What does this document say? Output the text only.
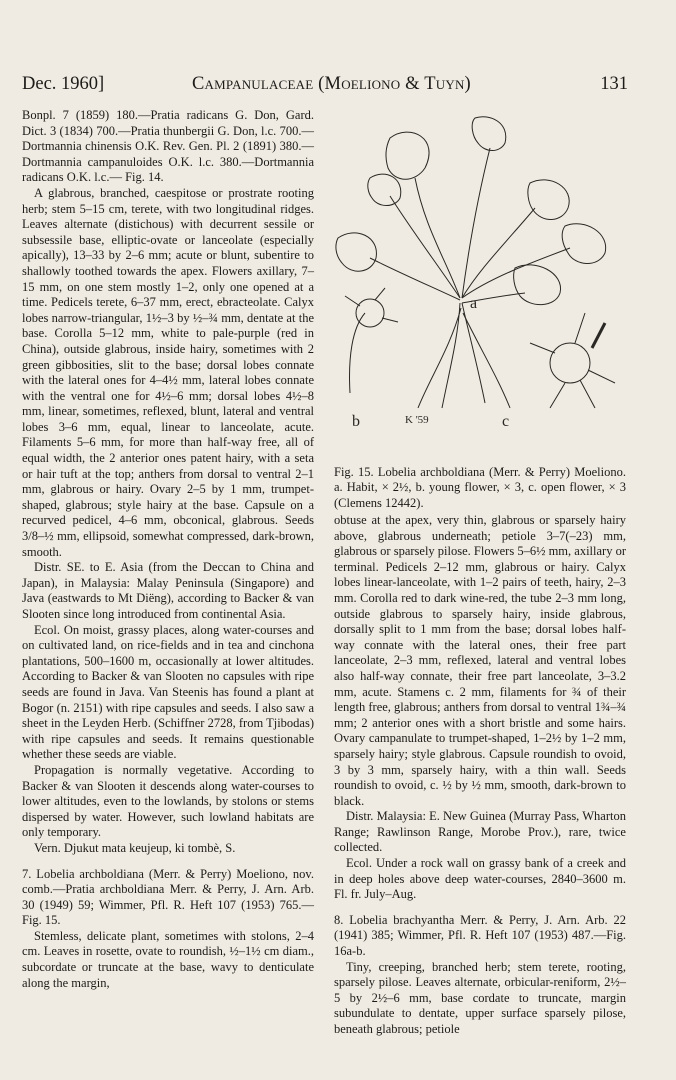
Dec. 1960]	Campanulaceae (Moeliono & Tuyn)	131

Bonpl. 7 (1859) 180.—Pratia radicans G. Don, Gard. Dict. 3 (1834) 700.—Pratia thunbergii G. Don, l.c. 700.—Dortmannia chinensis O.K. Rev. Gen. Pl. 2 (1891) 380.—Dortmannia campanuloides O.K. l.c. 380.—Dortmannia radicans O.K. l.c.— Fig. 14.

A glabrous, branched, caespitose or prostrate rooting herb; stem 5–15 cm, terete, with two longitudinal ridges. Leaves alternate (distichous) with decurrent sessile or subsessile base, elliptic-ovate or lanceolate (especially apically), 13–33 by 2–6 mm; acute or blunt, subentire to shallowly toothed towards the apex. Flowers axillary, 7–15 mm, on one stem mostly 1–2, only one opened at a time. Pedicels terete, 6–37 mm, erect, ebracteolate. Calyx lobes narrow-triangular, 1½–3 by ½–¾ mm, dentate at the base. Corolla 5–12 mm, white to pale-purple (red in China), outside glabrous, inside hairy, sometimes with 2 green gibbosities, slit to the base; dorsal lobes connate with the lateral ones for 4–4½ mm, lateral lobes connate with the ventral one for 4½–6 mm; dorsal lobes 4½–8 mm, linear, sometimes, reflexed, blunt, lateral and ventral lobes 3–6 mm, equal, linear to lanceolate, acute. Filaments 5–6 mm, for more than half-way free, all of equal width, the 2 anterior ones patent hairy, with a seta or hair tuft at the top; anthers from dorsal to ventral 2–1 mm, glabrous or hairy. Ovary 2–5 by 1 mm, trumpet-shaped, glabrous; style hairy at the base. Capsule on a recurved pedicel, 4–6 mm, obconical, glabrous. Seeds 3/8–½ mm, ellipsoid, somewhat compressed, dark-brown, smooth.

Distr. SE. to E. Asia (from the Deccan to China and Japan), in Malaysia: Malay Peninsula (Singapore) and Java (eastwards to Mt Diëng), according to Backer & van Slooten since long introduced from continental Asia.

Ecol. On moist, grassy places, along water-courses and on cultivated land, on rice-fields and in tea and cinchona plantations, 500–1600 m, occasionally at lower altitudes. According to Backer & van Slooten no capsules with ripe seeds are found in Java. Van Steenis has found a plant at Bogor (n. 2151) with ripe capsules and seeds. I also saw a sheet in the Leyden Herb. (Schiffner 2728, from Tjibodas) with ripe capsules and seeds. It remains questionable whether these seeds are viable.

Propagation is normally vegetative. According to Backer & van Slooten it descends along water-courses to lower altitudes, even to the lowlands, by stolons or stems dispersed by water. However, such lowland habitats are only temporary.

Vern. Djukut mata keujeup, ki tombè, S.

7. Lobelia archboldiana (Merr. & Perry) Moeliono, nov. comb.—Pratia archboldiana Merr. & Perry, J. Arn. Arb. 30 (1949) 59; Wimmer, Pfl. R. Heft 107 (1953) 765.—Fig. 15.

Stemless, delicate plant, sometimes with stolons, 2–4 cm. Leaves in rosette, ovate to roundish, ½–1½ cm diam., subcordate or truncate at the base, wavy to denticulate along the margin,

a
b	c
K '59

Fig. 15. Lobelia archboldiana (Merr. & Perry) Moeliono. a. Habit, × 2½, b. young flower, × 3, c. open flower, × 3 (Clemens 12442).

obtuse at the apex, very thin, glabrous or sparsely hairy above, glabrous underneath; petiole 3–7(–23) mm, glabrous or sparsely pilose. Flowers 5–6½ mm, axillary or terminal. Pedicels 2–12 mm, glabrous or hairy. Calyx lobes linear-lanceolate, with 1–2 pairs of teeth, hairy, 2–3 mm. Corolla red to dark wine-red, the tube 2–3 mm long, outside glabrous to sparsely hairy, inside glabrous, dorsally split to 1 mm from the base; dorsal lobes half-way connate with the lateral ones, their free part lanceolate, 2–3 mm, reflexed, lateral and ventral lobes also half-way connate, their free part lanceolate, 3–3.2 mm, acute. Stamens c. 2 mm, filaments for ¾ of their length free, glabrous; anthers from dorsal to ventral 1¾–¾ mm; 2 anterior ones with a short bristle and some hairs. Ovary campanulate to trumpet-shaped, 1–2½ by 1–2 mm, sparsely hairy; style glabrous. Capsule roundish to ovoid, 3 by 3 mm, sparsely hairy, with a thin wall. Seeds roundish to ovoid, c. ½ by ½ mm, smooth, dark-brown to black.

Distr. Malaysia: E. New Guinea (Murray Pass, Wharton Range; Rawlinson Range, Morobe Prov.), rare, twice collected.

Ecol. Under a rock wall on grassy bank of a creek and in deep holes above deep water-courses, 2840–3600 m. Fl. fr. July–Aug.

8. Lobelia brachyantha Merr. & Perry, J. Arn. Arb. 22 (1941) 385; Wimmer, Pfl. R. Heft 107 (1953) 487.—Fig. 16a-b.

Tiny, creeping, branched herb; stem terete, rooting, sparsely pilose. Leaves alternate, orbicular-reniform, 2½–5 by 2½–6 mm, base cordate to truncate, margin subundulate to dentate, upper surface sparsely pilose, beneath glabrous; petiole
